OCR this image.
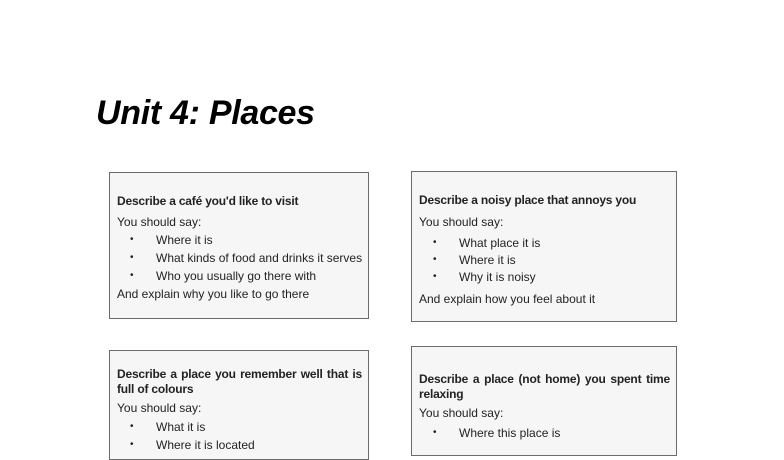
Unit 4: Places
Describe a café you'd like to visit
You should say:
• Where it is
• What kinds of food and drinks it serves
• Who you usually go there with
And explain why you like to go there
Describe a noisy place that annoys you
You should say:
• What place it is
• Where it is
• Why it is noisy
And explain how you feel about it
Describe a place you remember well that is full of colours
You should say:
• What it is
• Where it is located
Describe a place (not home) you spent time relaxing
You should say:
• Where this place is
